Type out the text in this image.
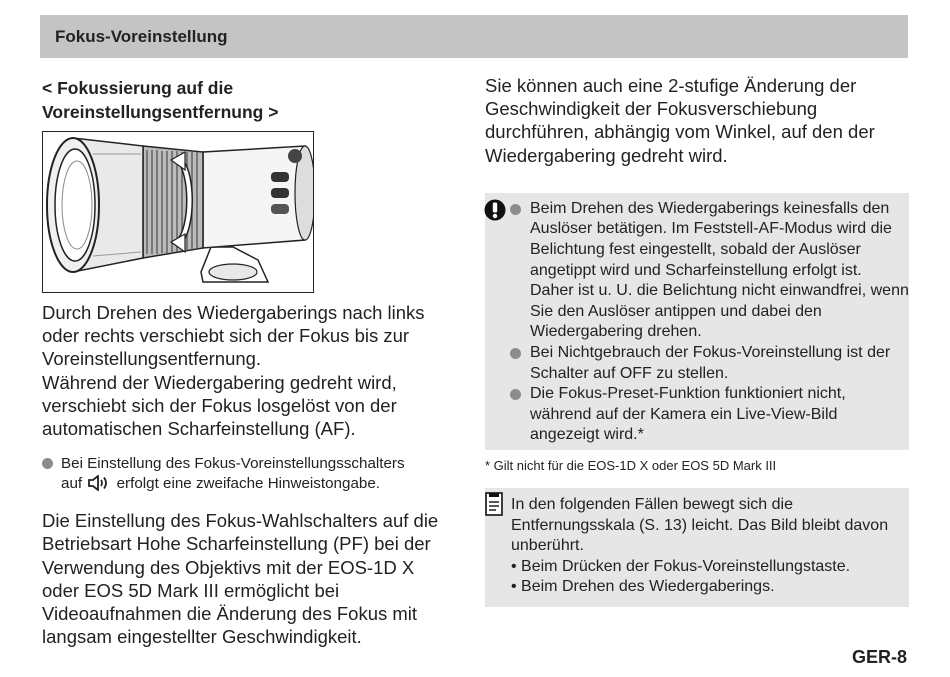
Fokus-Voreinstellung

< Fokussierung auf die
Voreinstellungsentfernung >

Durch Drehen des Wiedergaberings nach links oder rechts verschiebt sich der Fokus bis zur Voreinstellungsentfernung.
Während der Wiedergabering gedreht wird, verschiebt sich der Fokus losgelöst von der automatischen Scharfeinstellung (AF).

Bei Einstellung des Fokus-Voreinstellungsschalters
auf erfolgt eine zweifache Hinweistongabe.

Die Einstellung des Fokus-Wahlschalters auf die Betriebsart Hohe Scharfeinstellung (PF) bei der Verwendung des Objektivs mit der EOS-1D X oder EOS 5D Mark III ermöglicht bei Videoaufnahmen die Änderung des Fokus mit langsam eingestellter Geschwindigkeit.

Sie können auch eine 2-stufige Änderung der Geschwindigkeit der Fokusverschiebung durchführen, abhängig vom Winkel, auf den der Wiedergabering gedreht wird.

Beim Drehen des Wiedergaberings keinesfalls den Auslöser betätigen. Im Feststell-AF-Modus wird die Belichtung fest eingestellt, sobald der Auslöser angetippt wird und Scharfeinstellung erfolgt ist. Daher ist u. U. die Belichtung nicht einwandfrei, wenn Sie den Auslöser antippen und dabei den Wiedergabering drehen.
Bei Nichtgebrauch der Fokus-Voreinstellung ist der Schalter auf OFF zu stellen.
Die Fokus-Preset-Funktion funktioniert nicht, während auf der Kamera ein Live-View-Bild angezeigt wird.*
* Gilt nicht für die EOS-1D X oder EOS 5D Mark III
In den folgenden Fällen bewegt sich die Entfernungsskala (S. 13) leicht. Das Bild bleibt davon unberührt.
• Beim Drücken der Fokus-Voreinstellungstaste.
• Beim Drehen des Wiedergaberings.
GER-8
